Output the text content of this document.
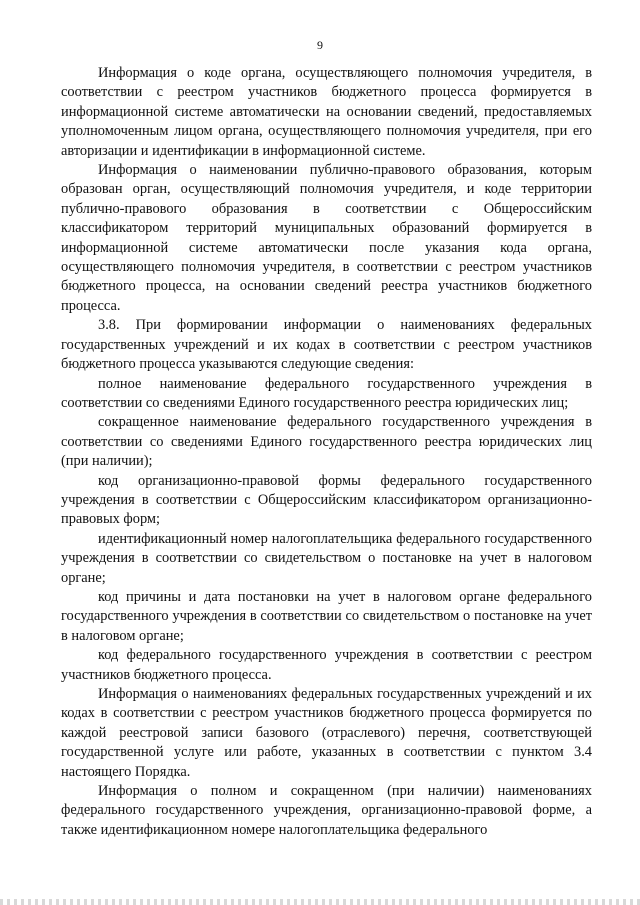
9

Информация о коде органа, осуществляющего полномочия учредителя, в соответствии с реестром участников бюджетного процесса формируется в информационной системе автоматически на основании сведений, предоставляемых уполномоченным лицом органа, осуществляющего полномочия учредителя, при его авторизации и идентификации в информационной системе.

Информация о наименовании публично-правового образования, которым образован орган, осуществляющий полномочия учредителя, и коде территории публично-правового образования в соответствии с Общероссийским классификатором территорий муниципальных образований формируется в информационной системе автоматически после указания кода органа, осуществляющего полномочия учредителя, в соответствии с реестром участников бюджетного процесса, на основании сведений реестра участников бюджетного процесса.

3.8. При формировании информации о наименованиях федеральных государственных учреждений и их кодах в соответствии с реестром участников бюджетного процесса указываются следующие сведения:

полное наименование федерального государственного учреждения в соответствии со сведениями Единого государственного реестра юридических лиц;

сокращенное наименование федерального государственного учреждения в соответствии со сведениями Единого государственного реестра юридических лиц (при наличии);

код организационно-правовой формы федерального государственного учреждения в соответствии с Общероссийским классификатором организационно-правовых форм;

идентификационный номер налогоплательщика федерального государственного учреждения в соответствии со свидетельством о постановке на учет в налоговом органе;

код причины и дата постановки на учет в налоговом органе федерального государственного учреждения в соответствии со свидетельством о постановке на учет в налоговом органе;

код федерального государственного учреждения в соответствии с реестром участников бюджетного процесса.

Информация о наименованиях федеральных государственных учреждений и их кодах в соответствии с реестром участников бюджетного процесса формируется по каждой реестровой записи базового (отраслевого) перечня, соответствующей государственной услуге или работе, указанных в соответствии с пунктом 3.4 настоящего Порядка.

Информация о полном и сокращенном (при наличии) наименованиях федерального государственного учреждения, организационно-правовой форме, а также идентификационном номере налогоплательщика федерального
